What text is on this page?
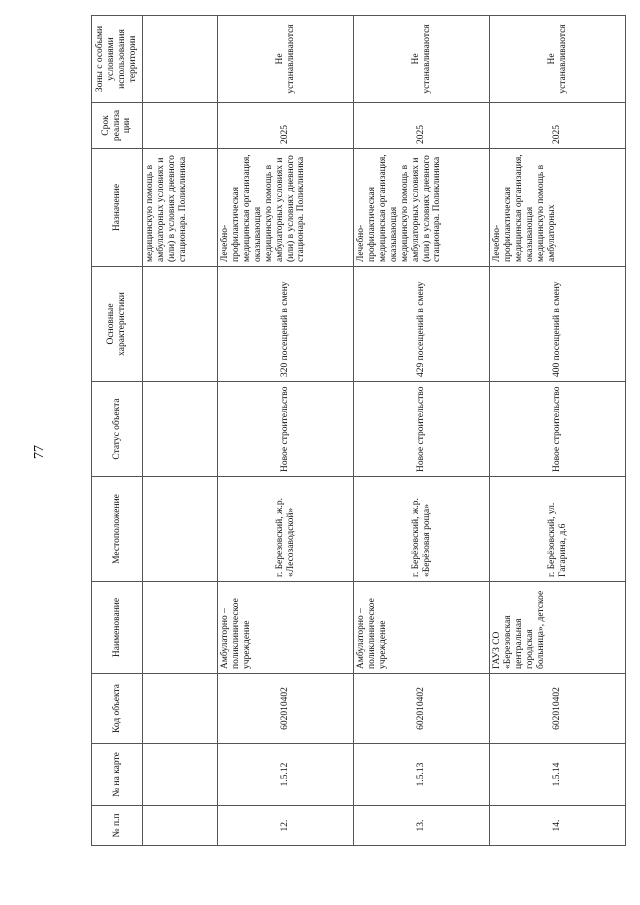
77
№ п.п	№ на карте	Код объекта	Наименование	Местоположение	Статус объекта	Основные характеристики	Назначение	Срок реализа ции	Зоны с особыми условиями использования территории
							медицинскую помощь в амбулаторных условиях и (или) в условиях дневного стационара. Поликлиника		
12.	1.5.12	602010402	Амбулаторно – поликлиническое учреждение	г. Березовский, ж.р. «Лесозаводской»	Новое строительство	320 посещений в смену	Лечебно-профилактическая медицинская организация, оказывающая медицинскую помощь в амбулаторных условиях и (или) в условиях дневного стационара. Поликлиника	2025	Не устанавливаются
13.	1.5.13	602010402	Амбулаторно – поликлиническое учреждение	г. Берёзовский, ж.р. «Берёзовая роща»	Новое строительство	429 посещений в смену	Лечебно-профилактическая медицинская организация, оказывающая медицинскую помощь в амбулаторных условиях и (или) в условиях дневного стационара. Поликлиника	2025	Не устанавливаются
14.	1.5.14	602010402	ГАУЗ СО «Березовская центральная городская больница», детское	г. Берёзовский, ул. Гагарина, д.6	Новое строительство	400 посещений в смену	Лечебно-профилактическая медицинская организация, оказывающая медицинскую помощь в амбулаторных	2025	Не устанавливаются
